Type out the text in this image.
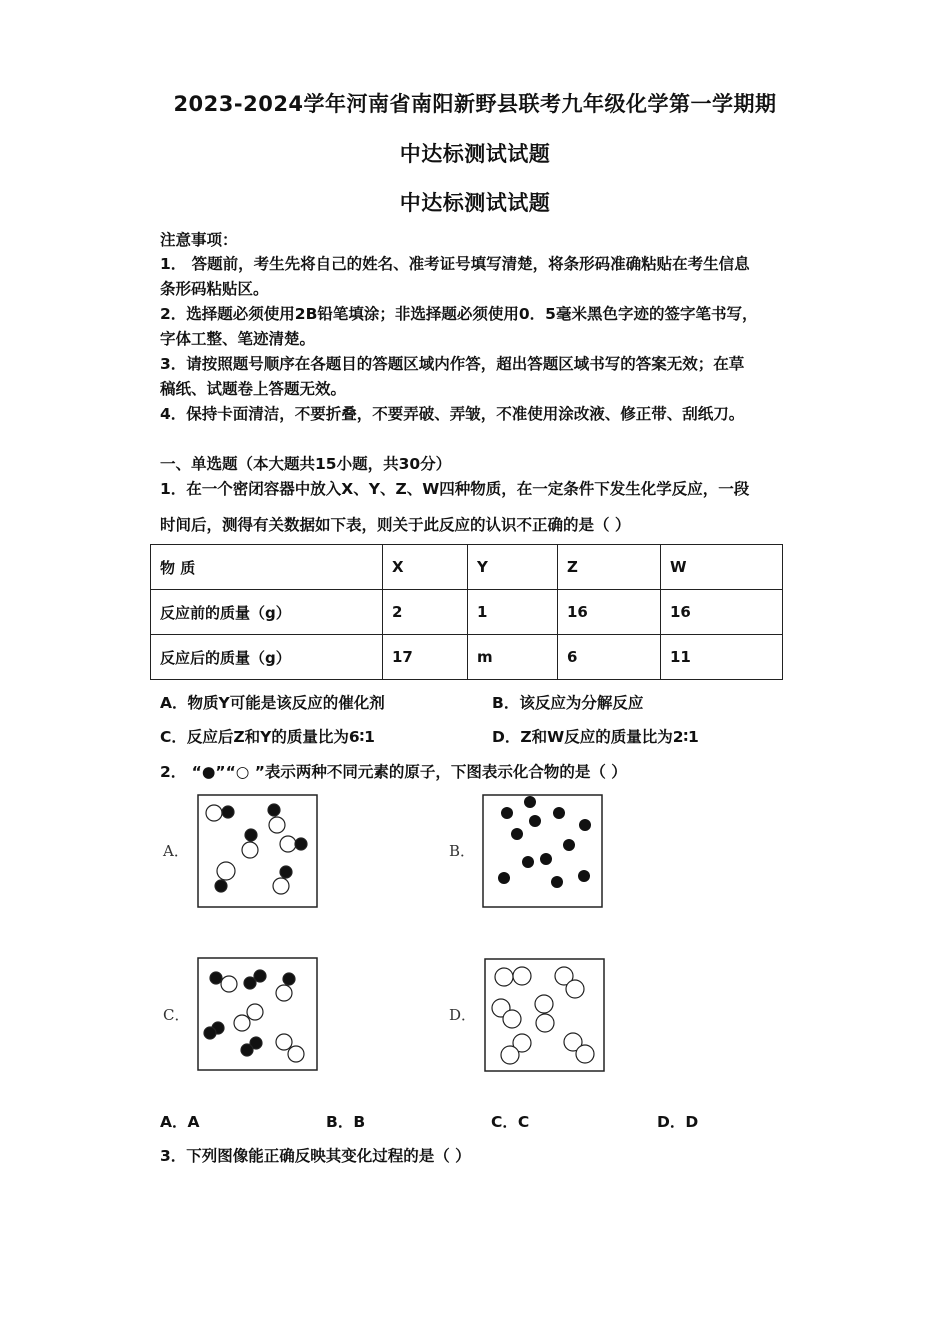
2023-2024学年河南省南阳新野县联考九年级化学第一学期期
中达标测试试题
中达标测试试题
注意事项：
1． 答题前，考生先将自己的姓名、准考证号填写清楚，将条形码准确粘贴在考生信息
条形码粘贴区。
2．选择题必须使用2B铅笔填涂；非选择题必须使用0．5毫米黑色字迹的签字笔书写，
字体工整、笔迹清楚。
3．请按照题号顺序在各题目的答题区域内作答，超出答题区域书写的答案无效；在草
稿纸、试题卷上答题无效。
4．保持卡面清洁，不要折叠，不要弄破、弄皱，不准使用涂改液、修正带、刮纸刀。
一、单选题（本大题共15小题，共30分）
1．在一个密闭容器中放入X、Y、Z、W四种物质，在一定条件下发生化学反应，一段
时间后，测得有关数据如下表，则关于此反应的认识不正确的是（ ）
物 质	X	Y	Z	W
反应前的质量（g）	2	1	16	16
反应后的质量（g）	17	m	6	11
A．物质Y可能是该反应的催化剂	B．该反应为分解反应
C．反应后Z和Y的质量比为6∶1	D．Z和W反应的质量比为2∶1
2． “●”“○ ”表示两种不同元素的原子，下图表示化合物的是（ ）
A．	B．
C．	D．
A．A	B．B	C．C	D．D
3．下列图像能正确反映其变化过程的是（ ）
